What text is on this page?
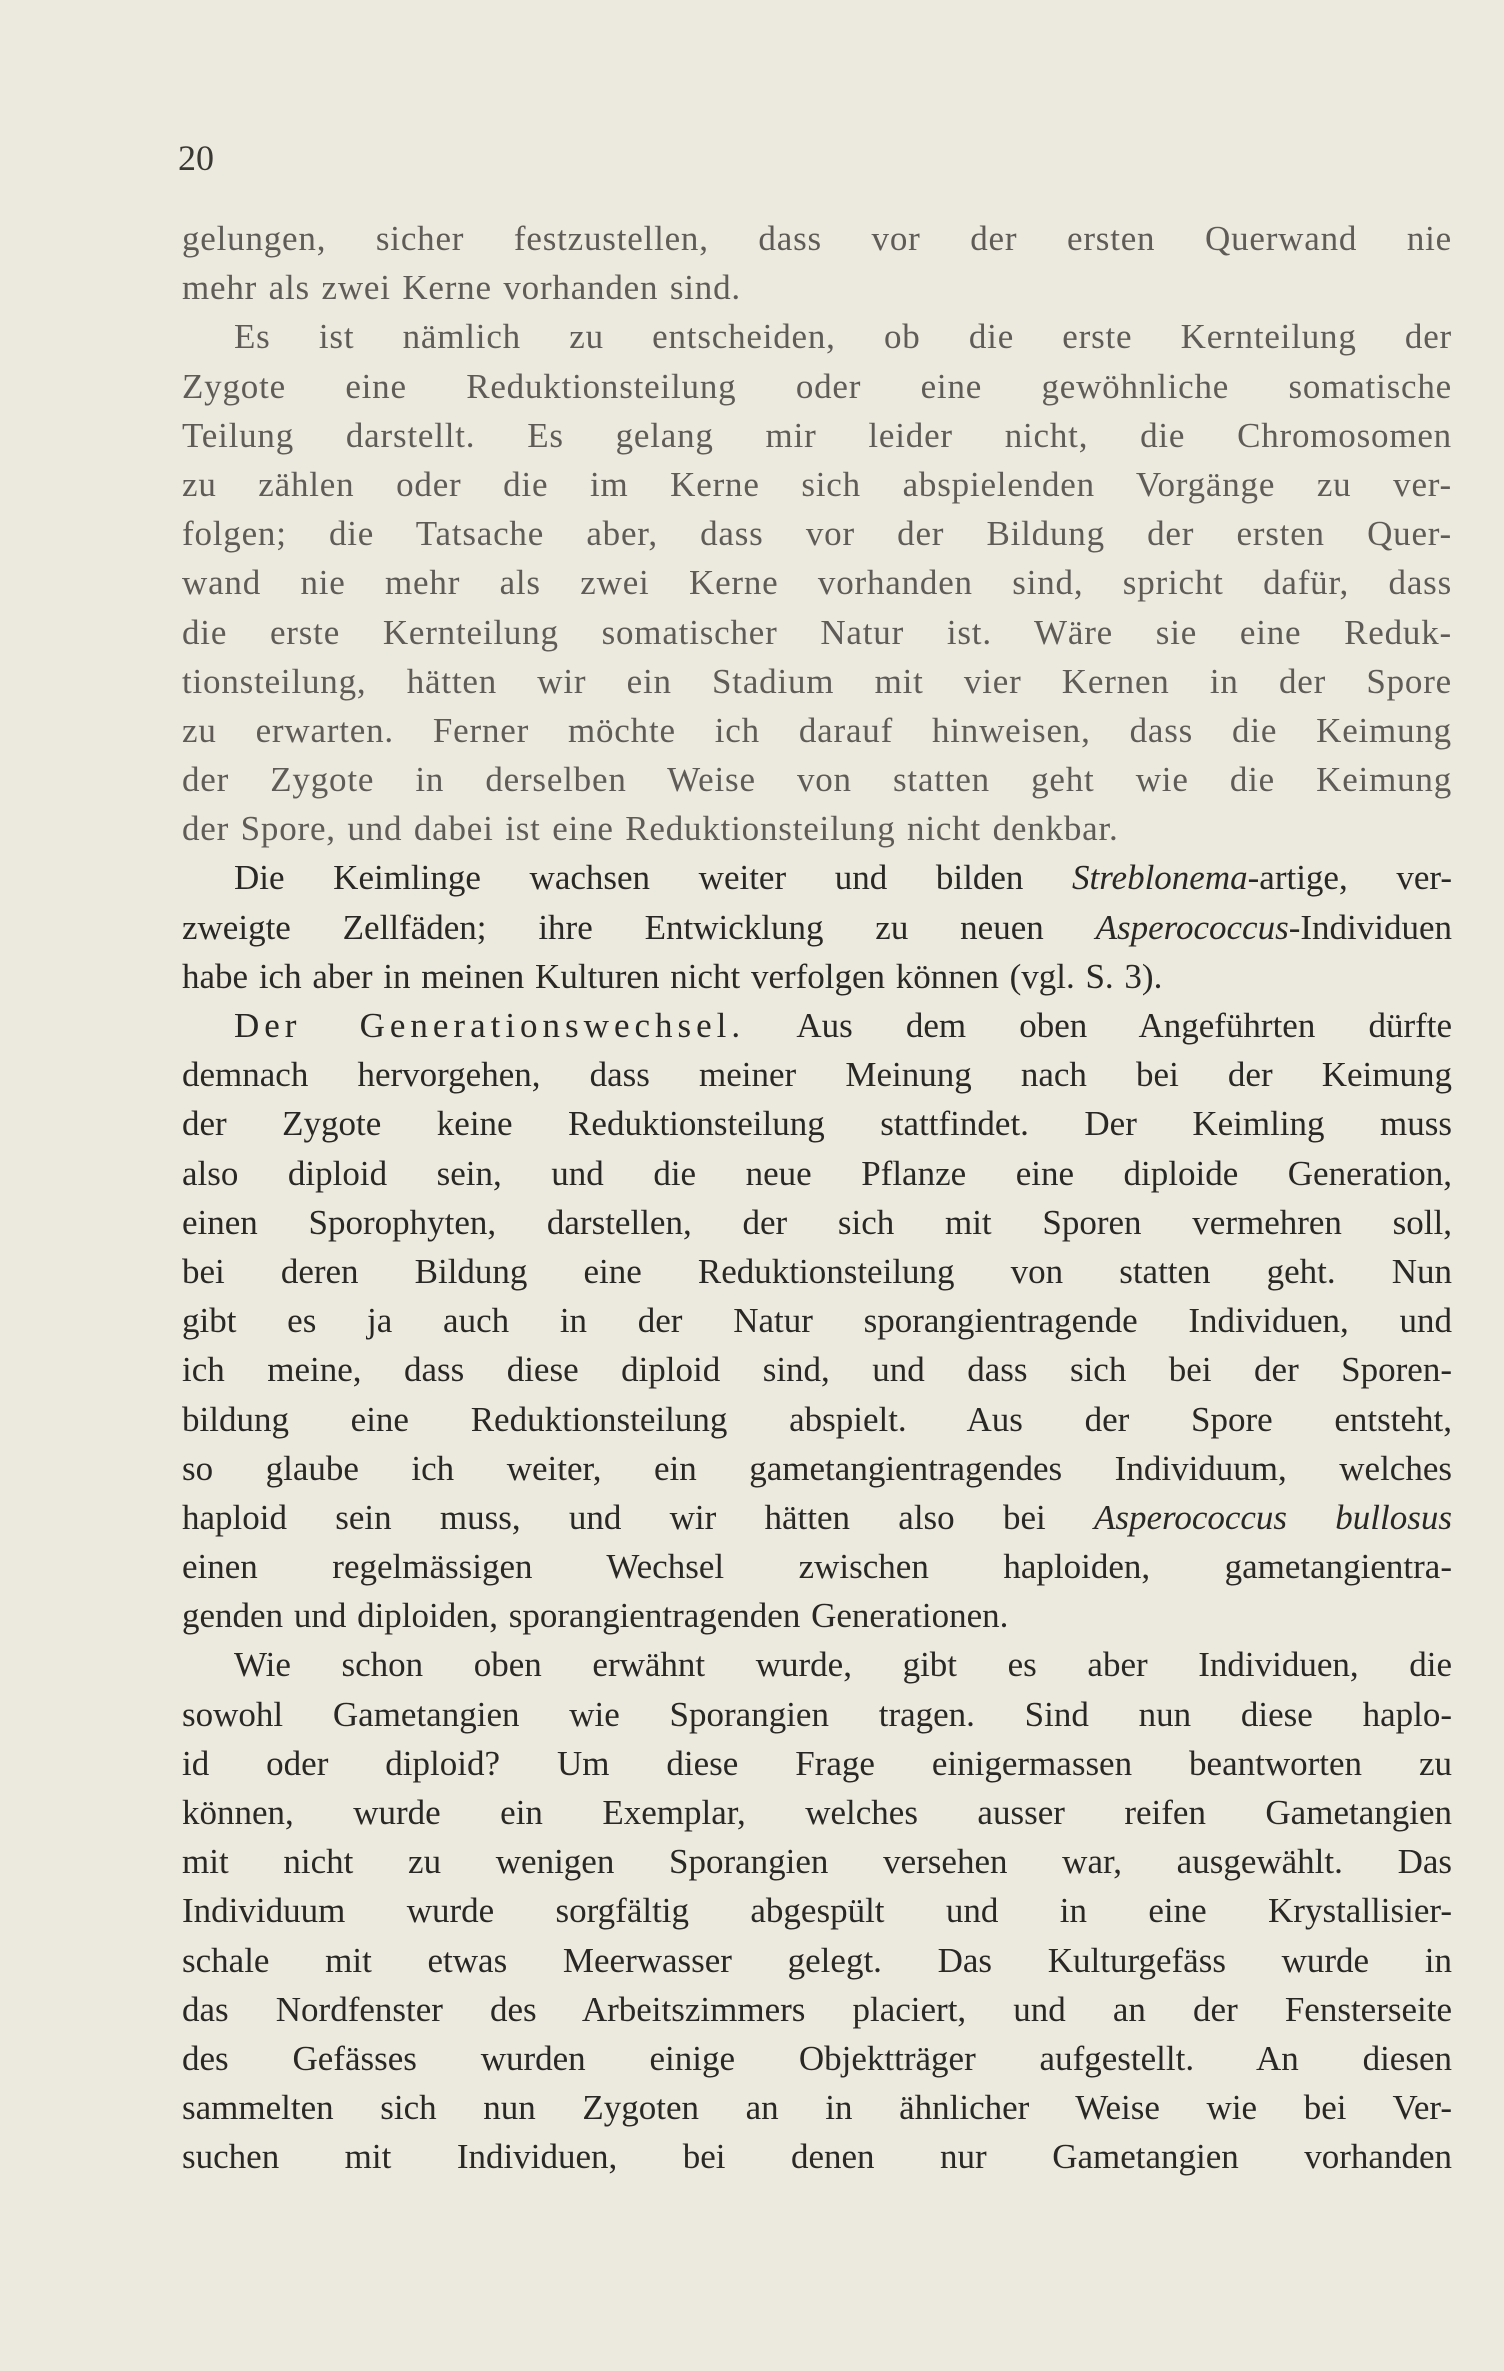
20
gelungen, sicher festzustellen, dass vor der ersten Querwand nie
mehr als zwei Kerne vorhanden sind.
Es ist nämlich zu entscheiden, ob die erste Kernteilung der
Zygote eine Reduktionsteilung oder eine gewöhnliche somatische
Teilung darstellt. Es gelang mir leider nicht, die Chromosomen
zu zählen oder die im Kerne sich abspielenden Vorgänge zu ver-
folgen; die Tatsache aber, dass vor der Bildung der ersten Quer-
wand nie mehr als zwei Kerne vorhanden sind, spricht dafür, dass
die erste Kernteilung somatischer Natur ist. Wäre sie eine Reduk-
tionsteilung, hätten wir ein Stadium mit vier Kernen in der Spore
zu erwarten. Ferner möchte ich darauf hinweisen, dass die Keimung
der Zygote in derselben Weise von statten geht wie die Keimung
der Spore, und dabei ist eine Reduktionsteilung nicht denkbar.
Die Keimlinge wachsen weiter und bilden Streblonema-artige, ver-
zweigte Zellfäden; ihre Entwicklung zu neuen Asperococcus-Individuen
habe ich aber in meinen Kulturen nicht verfolgen können (vgl. S. 3).
Der Generationswechsel. Aus dem oben Angeführten dürfte
demnach hervorgehen, dass meiner Meinung nach bei der Keimung
der Zygote keine Reduktionsteilung stattfindet. Der Keimling muss
also diploid sein, und die neue Pflanze eine diploide Generation,
einen Sporophyten, darstellen, der sich mit Sporen vermehren soll,
bei deren Bildung eine Reduktionsteilung von statten geht. Nun
gibt es ja auch in der Natur sporangientragende Individuen, und
ich meine, dass diese diploid sind, und dass sich bei der Sporen-
bildung eine Reduktionsteilung abspielt. Aus der Spore entsteht,
so glaube ich weiter, ein gametangientragendes Individuum, welches
haploid sein muss, und wir hätten also bei Asperococcus bullosus
einen regelmässigen Wechsel zwischen haploiden, gametangientra-
genden und diploiden, sporangientragenden Generationen.
Wie schon oben erwähnt wurde, gibt es aber Individuen, die
sowohl Gametangien wie Sporangien tragen. Sind nun diese haplo-
id oder diploid? Um diese Frage einigermassen beantworten zu
können, wurde ein Exemplar, welches ausser reifen Gametangien
mit nicht zu wenigen Sporangien versehen war, ausgewählt. Das
Individuum wurde sorgfältig abgespült und in eine Krystallisier-
schale mit etwas Meerwasser gelegt. Das Kulturgefäss wurde in
das Nordfenster des Arbeitszimmers placiert, und an der Fensterseite
des Gefässes wurden einige Objektträger aufgestellt. An diesen
sammelten sich nun Zygoten an in ähnlicher Weise wie bei Ver-
suchen mit Individuen, bei denen nur Gametangien vorhanden
